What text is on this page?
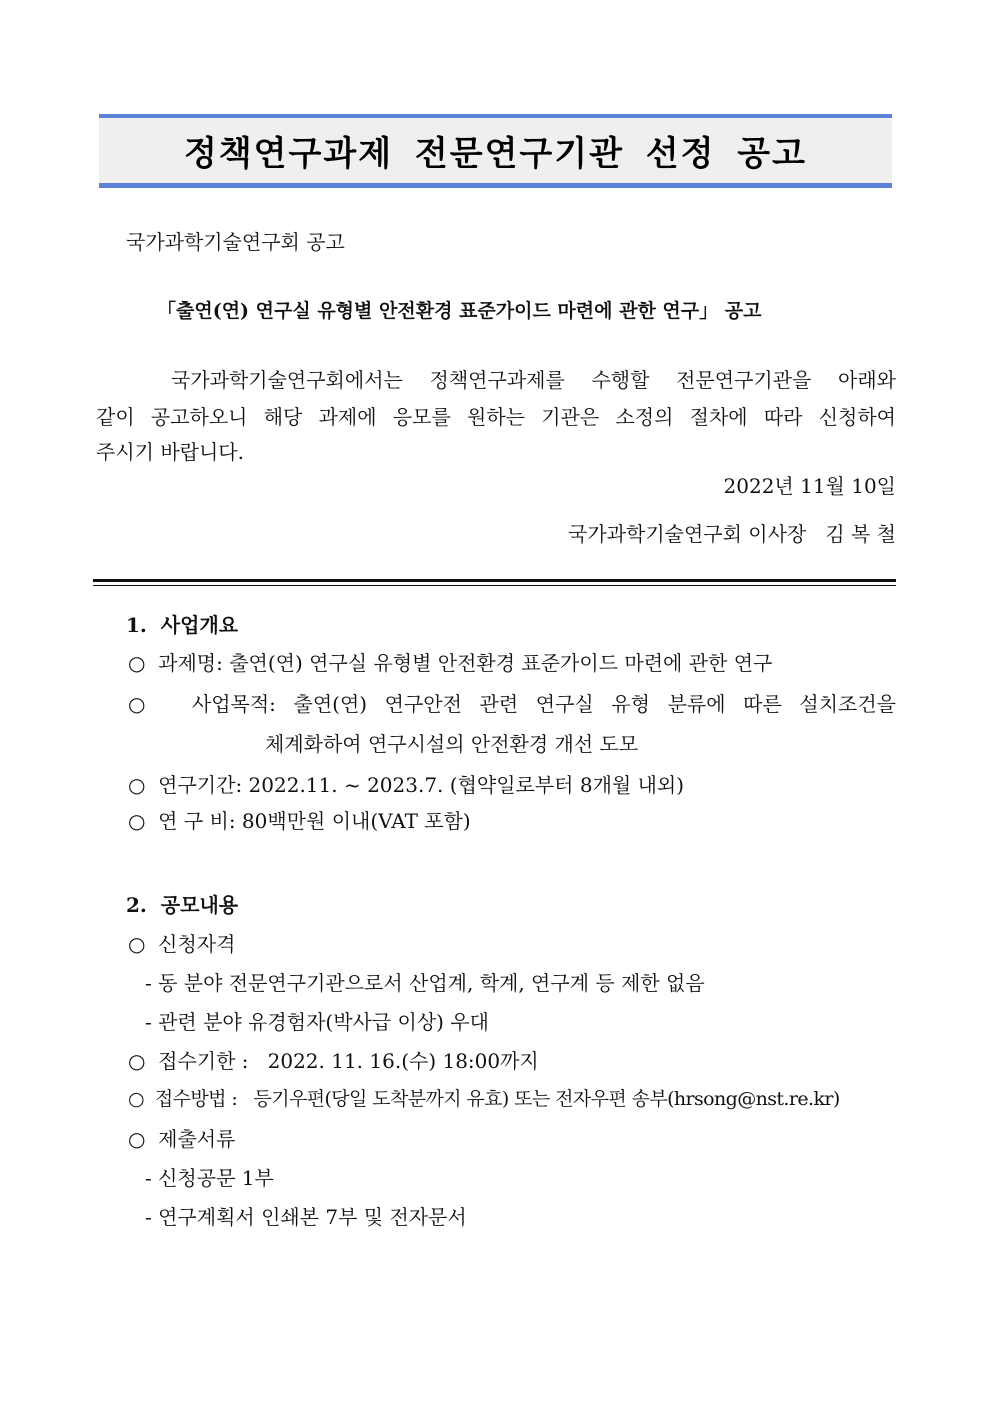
정책연구과제 전문연구기관 선정 공고
국가과학기술연구회 공고
「출연(연) 연구실 유형별 안전환경 표준가이드 마련에 관한 연구」 공고
국가과학기술연구회에서는 정책연구과제를 수행할 전문연구기관을 아래와
같이 공고하오니 해당 과제에 응모를 원하는 기관은 소정의 절차에 따라 신청하여
주시기 바랍니다.
2022년 11월 10일
국가과학기술연구회 이사장   김 복 철
1.  사업개요
○  과제명: 출연(연) 연구실 유형별 안전환경 표준가이드 마련에 관한 연구
○  사업목적: 출연(연) 연구안전 관련 연구실 유형 분류에 따른 설치조건을
체계화하여 연구시설의 안전환경 개선 도모
○  연구기간: 2022.11. ~ 2023.7. (협약일로부터 8개월 내외)
○  연 구 비: 80백만원 이내(VAT 포함)
2.  공모내용
○  신청자격
- 동 분야 전문연구기관으로서 산업계, 학계, 연구계 등 제한 없음
- 관련 분야 유경험자(박사급 이상) 우대
○  접수기한 :   2022. 11. 16.(수) 18:00까지
○  접수방법 :   등기우편(당일 도착분까지 유효) 또는 전자우편 송부(hrsong@nst.re.kr)
○  제출서류
- 신청공문 1부
- 연구계획서 인쇄본 7부 및 전자문서
